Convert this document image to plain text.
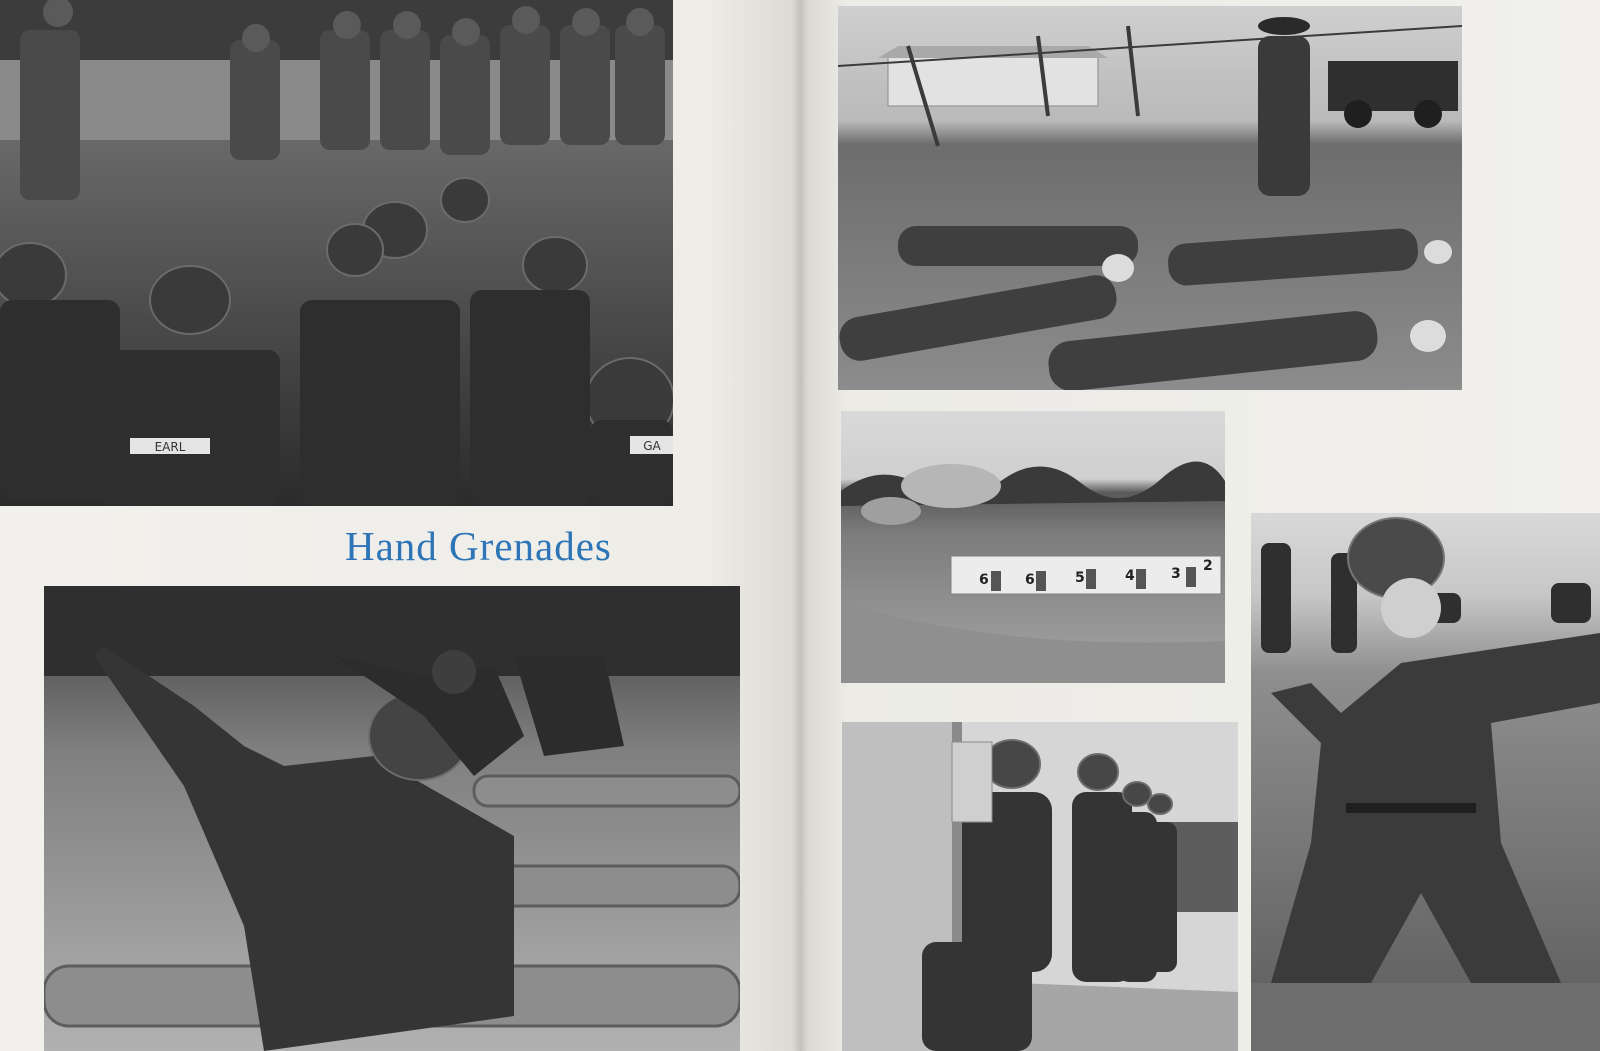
EARL	GA
Hand Grenades
6	6	5	4	3 2
